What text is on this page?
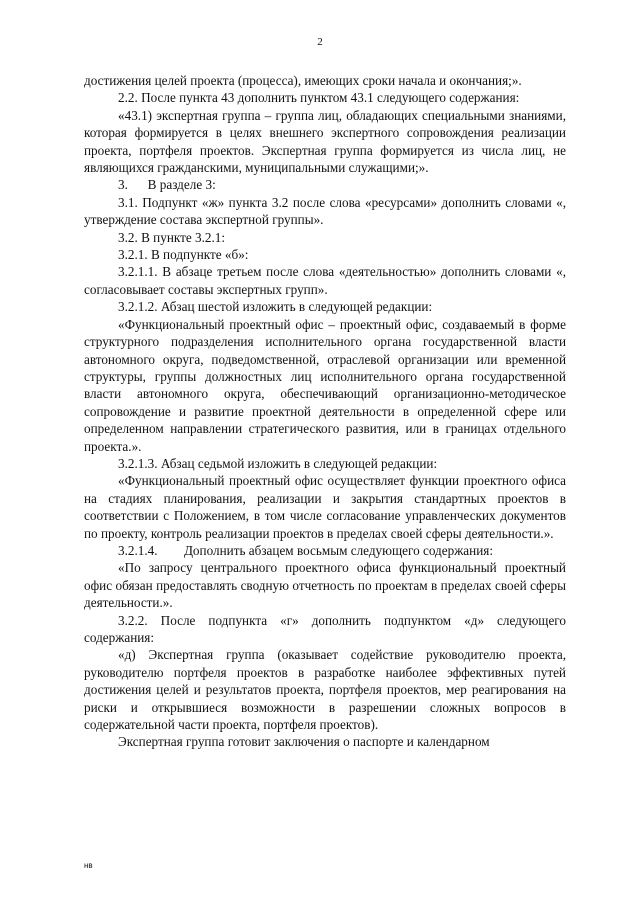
2

достижения целей проекта (процесса), имеющих сроки начала и окончания;».

2.2. После пункта 43 дополнить пунктом 43.1 следующего содержания:

«43.1) экспертная группа – группа лиц, обладающих специальными знаниями, которая формируется в целях внешнего экспертного сопровождения реализации проекта, портфеля проектов. Экспертная группа формируется из числа лиц, не являющихся гражданскими, муниципальными служащими;».

3.      В разделе 3:

3.1. Подпункт «ж» пункта 3.2 после слова «ресурсами» дополнить словами «, утверждение состава экспертной группы».

3.2. В пункте 3.2.1:

3.2.1. В подпункте «б»:

3.2.1.1. В абзаце третьем после слова «деятельностью» дополнить словами «, согласовывает составы экспертных групп».

3.2.1.2. Абзац шестой изложить в следующей редакции:

«Функциональный проектный офис – проектный офис, создаваемый в форме структурного подразделения исполнительного органа государственной власти автономного округа, подведомственной, отраслевой организации или временной структуры, группы должностных лиц исполнительного органа государственной власти автономного округа, обеспечивающий организационно-методическое сопровождение и развитие проектной деятельности в определенной сфере или определенном направлении стратегического развития, или в границах отдельного проекта.».

3.2.1.3. Абзац седьмой изложить в следующей редакции:

«Функциональный проектный офис осуществляет функции проектного офиса на стадиях планирования, реализации и закрытия стандартных проектов в соответствии с Положением, в том числе согласование управленческих документов по проекту, контроль реализации проектов в пределах своей сферы деятельности.».

3.2.1.4.        Дополнить абзацем восьмым следующего содержания:

«По запросу центрального проектного офиса функциональный проектный офис обязан предоставлять сводную отчетность по проектам в пределах своей сферы деятельности.».

3.2.2. После подпункта «г» дополнить подпунктом «д» следующего содержания:

«д) Экспертная группа (оказывает содействие руководителю проекта, руководителю портфеля проектов в разработке наиболее эффективных путей достижения целей и результатов проекта, портфеля проектов, мер реагирования на риски и открывшиеся возможности в разрешении сложных вопросов в содержательной части проекта, портфеля проектов).

Экспертная группа готовит заключения о паспорте и календарном

нв
